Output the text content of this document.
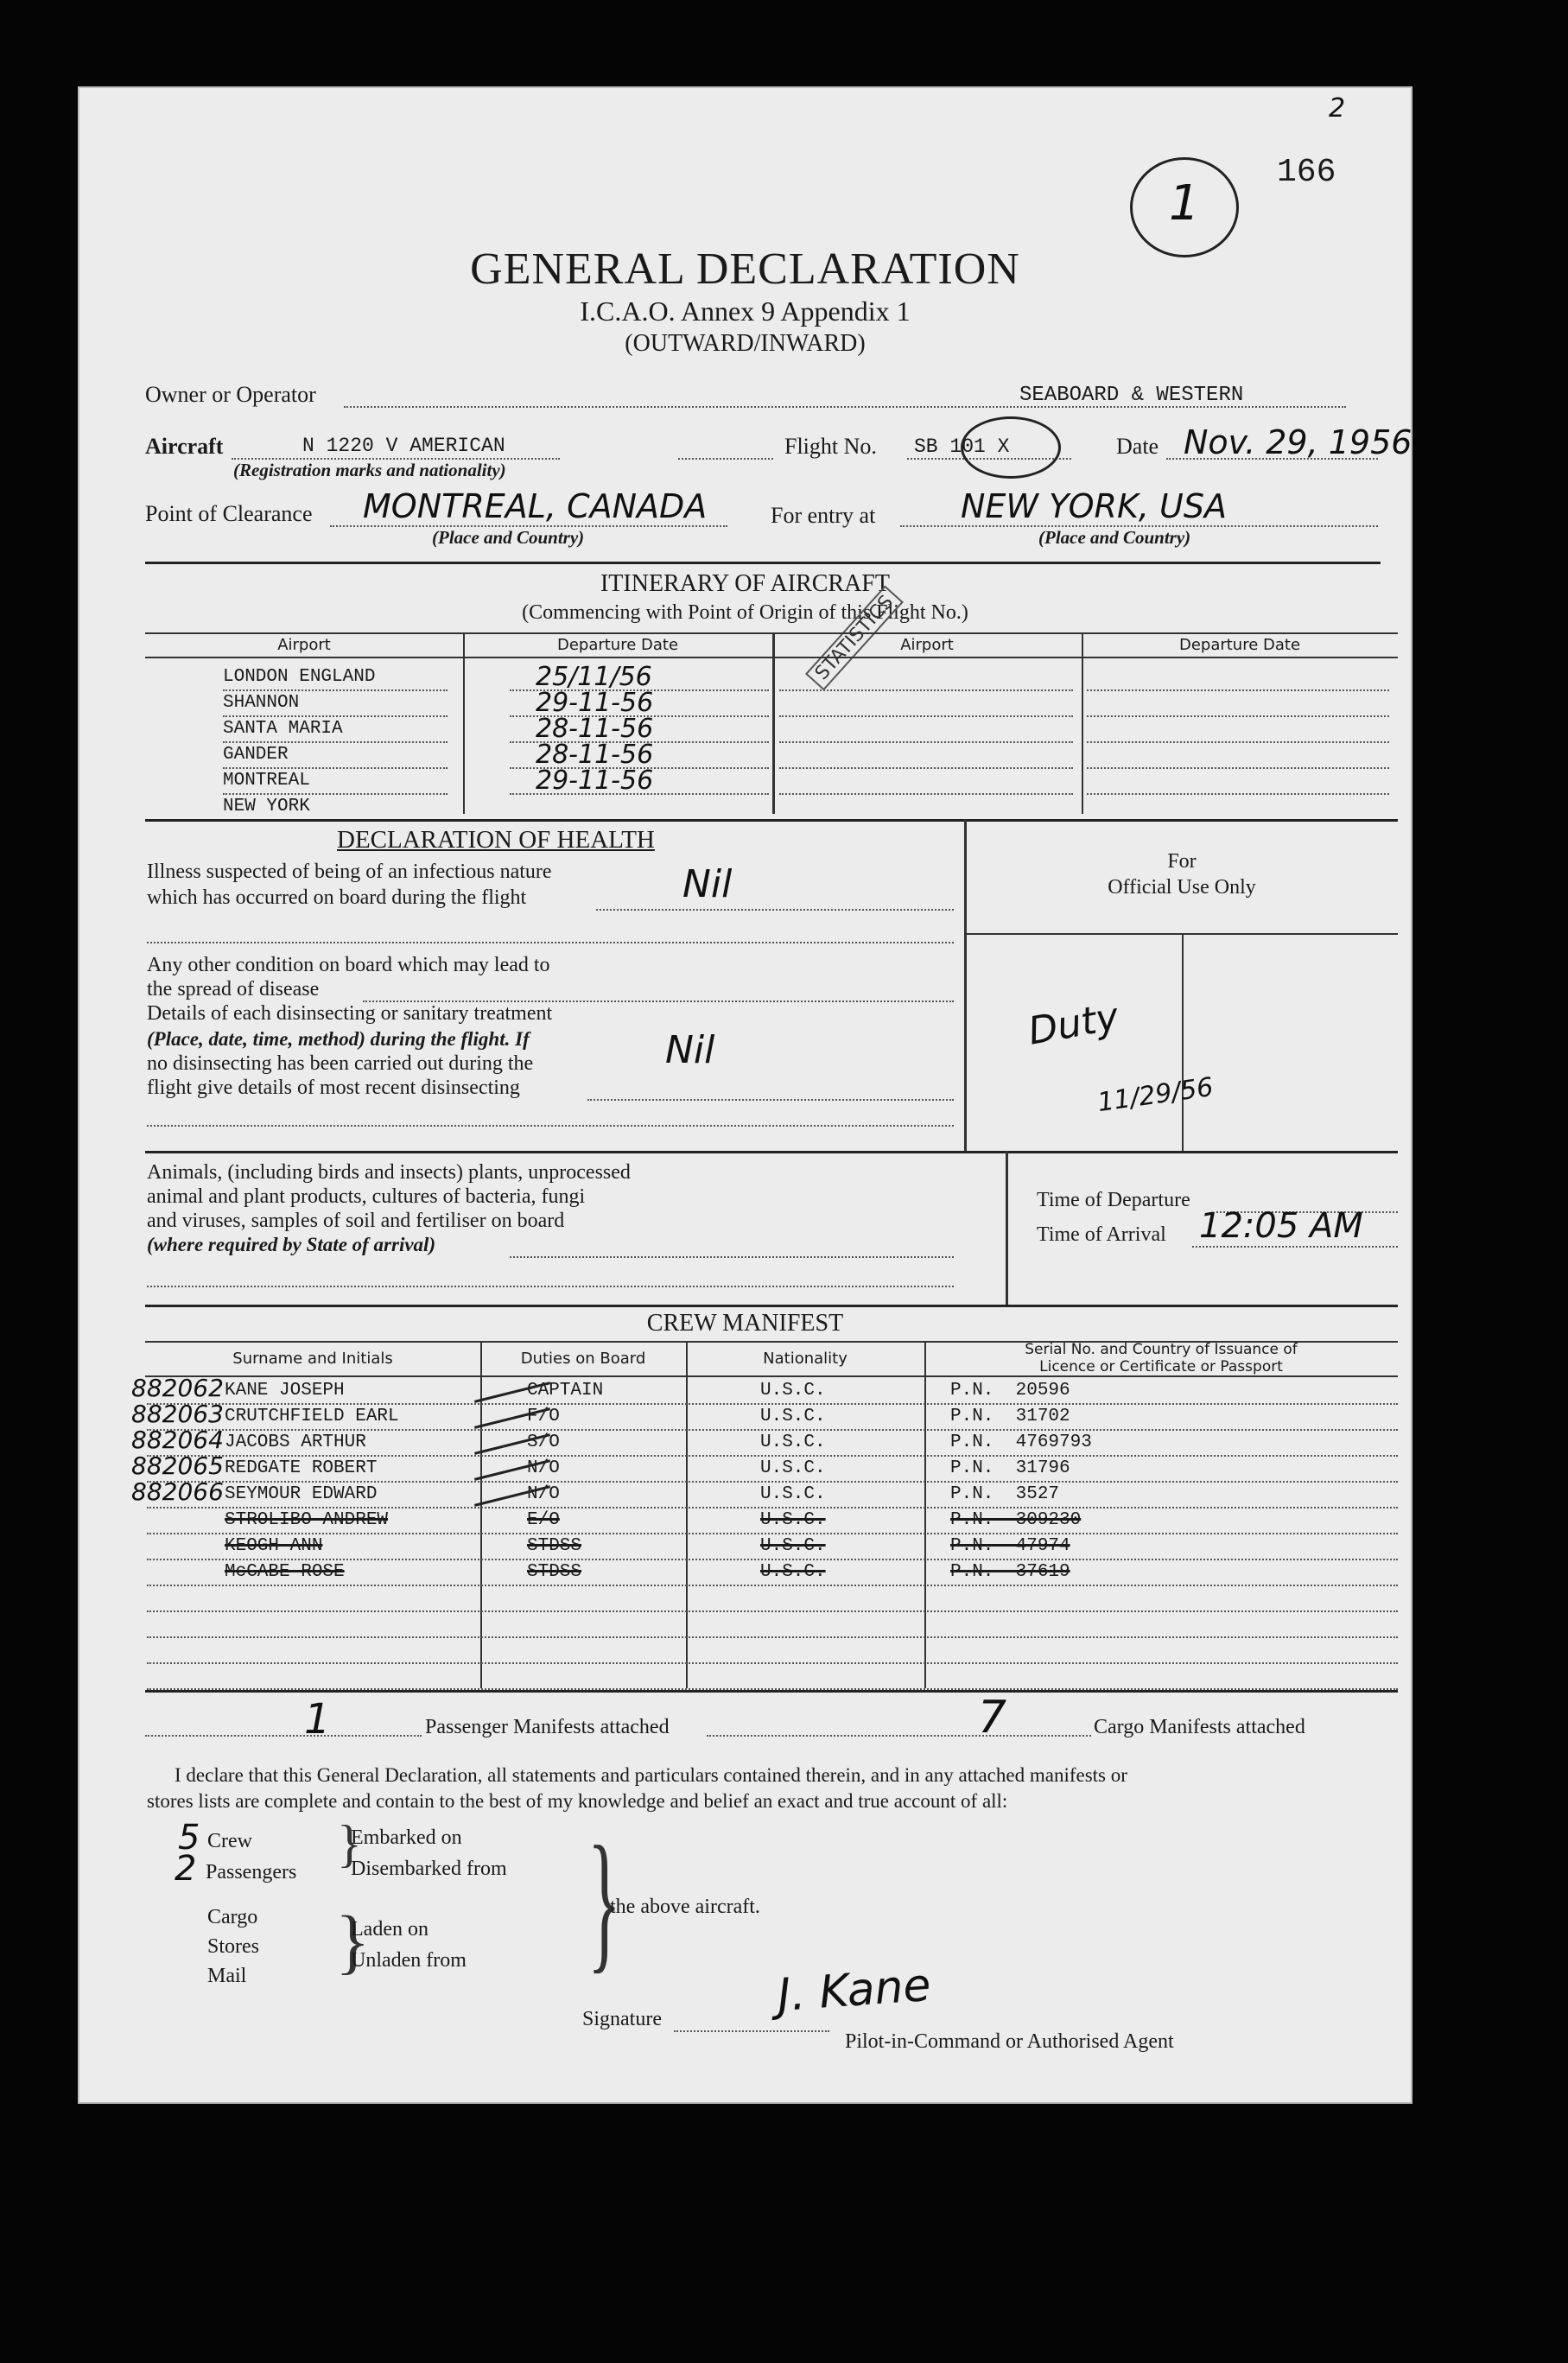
2
166
1
GENERAL DECLARATION
I.C.A.O. Annex 9 Appendix 1
(OUTWARD/INWARD)
Owner or Operator	SEABOARD & WESTERN
Aircraft	N 1220 V AMERICAN
(Registration marks and nationality)
Flight No. SB 101 X	Date Nov. 29, 1956
Point of Clearance MONTREAL, CANADA
(Place and Country)
For entry at	NEW YORK, USA
(Place and Country)
ITINERARY OF AIRCRAFT
(Commencing with Point of Origin of this Flight No.)
STATISTICS
Airport	Departure Date	Airport	Departure Date
LONDON ENGLAND	25/11/56
SHANNON	29-11-56
SANTA MARIA	28-11-56
GANDER	28-11-56
MONTREAL	29-11-56
NEW YORK
DECLARATION OF HEALTH
For
Official Use Only
Duty
11/29/56
Illness suspected of being of an infectious nature
which has occurred on board during the flight	Nil
Any other condition on board which may lead to
the spread of disease
Details of each disinsecting or sanitary treatment
(Place, date, time, method) during the flight. If
no disinsecting has been carried out during the
flight give details of most recent disinsecting
Nil
Animals, (including birds and insects) plants, unprocessed
animal and plant products, cultures of bacteria, fungi
and viruses, samples of soil and fertiliser on board
(where required by State of arrival)
Time of Departure
Time of Arrival 12:05 AM
CREW MANIFEST
Surname and Initials	Duties on Board	Nationality	Serial No. and Country of Issuance of
Licence or Certificate or Passport
882062 KANE JOSEPH	CAPTAIN	U.S.C.	P.N.  20596
882063 CRUTCHFIELD EARL	F/O	U.S.C.	P.N.  31702
882064 JACOBS ARTHUR	S/O	U.S.C.	P.N.  4769793
882065 REDGATE ROBERT	N/O	U.S.C.	P.N.  31796
882066 SEYMOUR EDWARD	N/O	U.S.C.	P.N.  3527
STROLIBO ANDREW	E/O	U.S.C.	P.N.  309230
KEOGH ANN	STDSS	U.S.C.	P.N.  47974
McCABE ROSE	STDSS	U.S.C.	P.N.  37619
1	Passenger Manifests attached	7	Cargo Manifests attached
I declare that this General Declaration, all statements and particulars contained therein, and in any attached manifests or
stores lists are complete and contain to the best of my knowledge and belief an exact and true account of all:
5 Crew
2 Passengers }
Embarked on
Disembarked from
Cargo
Stores
Mail }
Laden on
Unladen from }
the above aircraft.
Signature	J. Kane
Pilot-in-Command or Authorised Agent
